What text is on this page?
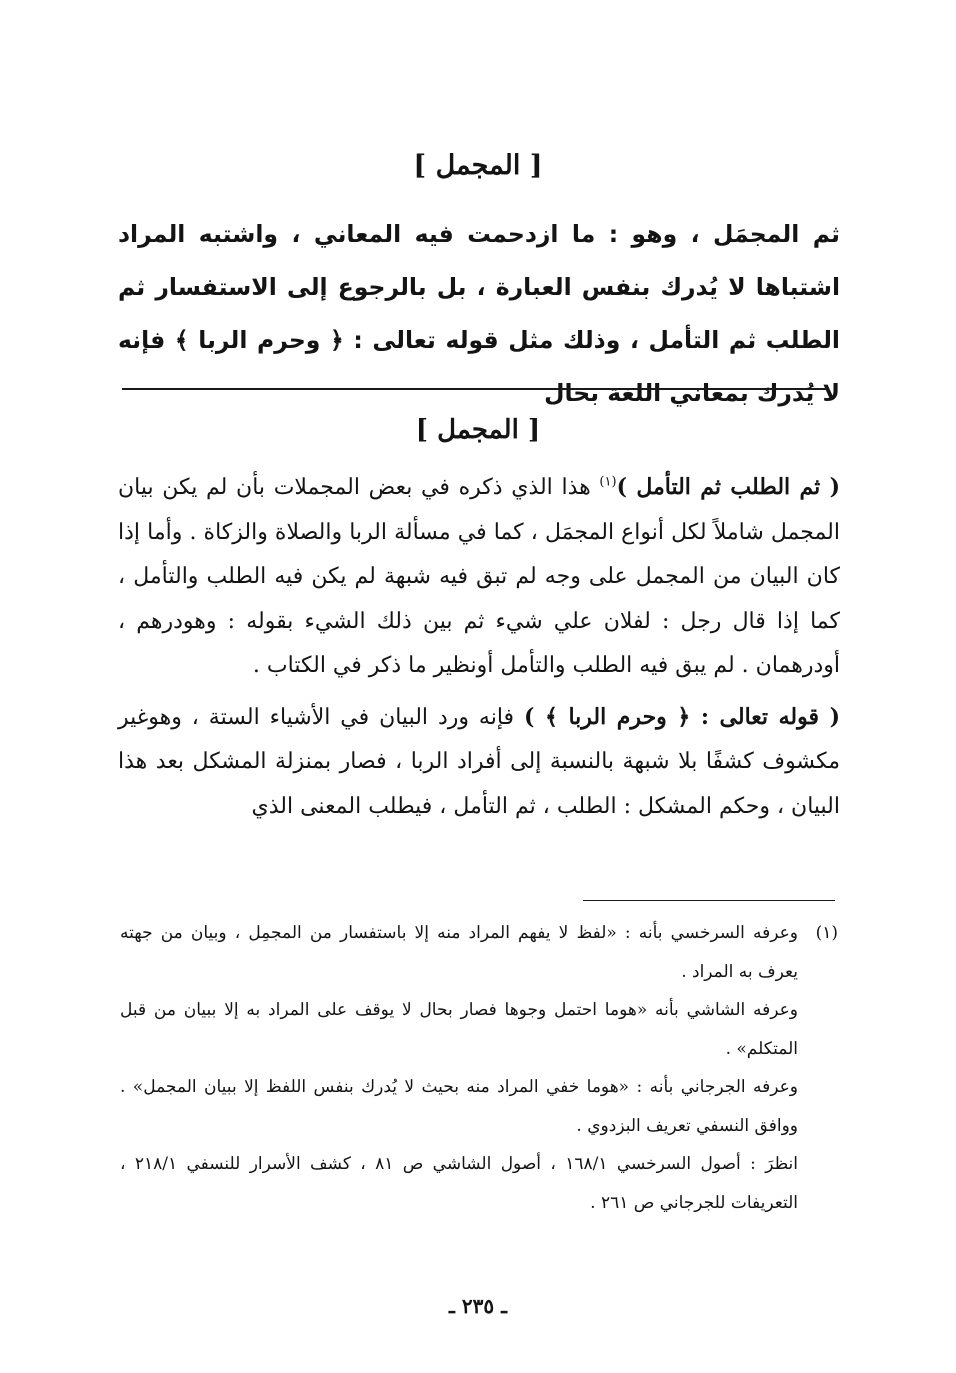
[ المجمل ]
ثم المجمَل ، وهو : ما ازدحمت فيه المعاني ، واشتبه المراد اشتباها لا يُدرك بنفس العبارة ، بل بالرجوع إلى الاستفسار ثم الطلب ثم التأمل ، وذلك مثل قوله تعالى : ﴿ وحرم الربا ﴾ فإنه لا يُدرك بمعاني اللغة بحال
[ المجمل ]

( ثم الطلب ثم التأمل )$^{(١)}$ هذا الذي ذكره في بعض المجملات بأن لم يكن بيان المجمل شاملاً لكل أنواع المجمَل ، كما في مسألة الربا والصلاة والزكاة . وأما إذا كان البيان من المجمل على وجه لم تبق فيه شبهة لم يكن فيه الطلب والتأمل ، كما إذا قال رجل : لفلان علي شيء ثم بين ذلك الشيء بقوله : وهودرهم ، أودرهمان . لم يبق فيه الطلب والتأمل أونظير ما ذكر في الكتاب .

( قوله تعالى : ﴿ وحرم الربا ﴾ ) فإنه ورد البيان في الأشياء الستة ، وهوغير مكشوف كشفًا بلا شبهة بالنسبة إلى أفراد الربا ، فصار بمنزلة المشكل بعد هذا البيان ، وحكم المشكل : الطلب ، ثم التأمل ، فيطلب المعنى الذي

(١)

وعرفه السرخسي بأنه : «لفظ لا يفهم المراد منه إلا باستفسار من المجمِل ، وبيان من جهته يعرف به المراد .

وعرفه الشاشي بأنه «هوما احتمل وجوها فصار بحال لا يوقف على المراد به إلا ببيان من قبل المتكلم» .

وعرفه الجرجاني بأنه : «هوما خفي المراد منه بحيث لا يُدرك بنفس اللفظ إلا ببيان المجمل» . ووافق النسفي تعريف البزدوي .

انظرَ : أصول السرخسي ١٦٨/١ ، أصول الشاشي ص ٨١ ، كشف الأسرار للنسفي ٢١٨/١ ، التعريفات للجرجاني ص ٢٦١ .

ـ ٢٣٥ ـ
